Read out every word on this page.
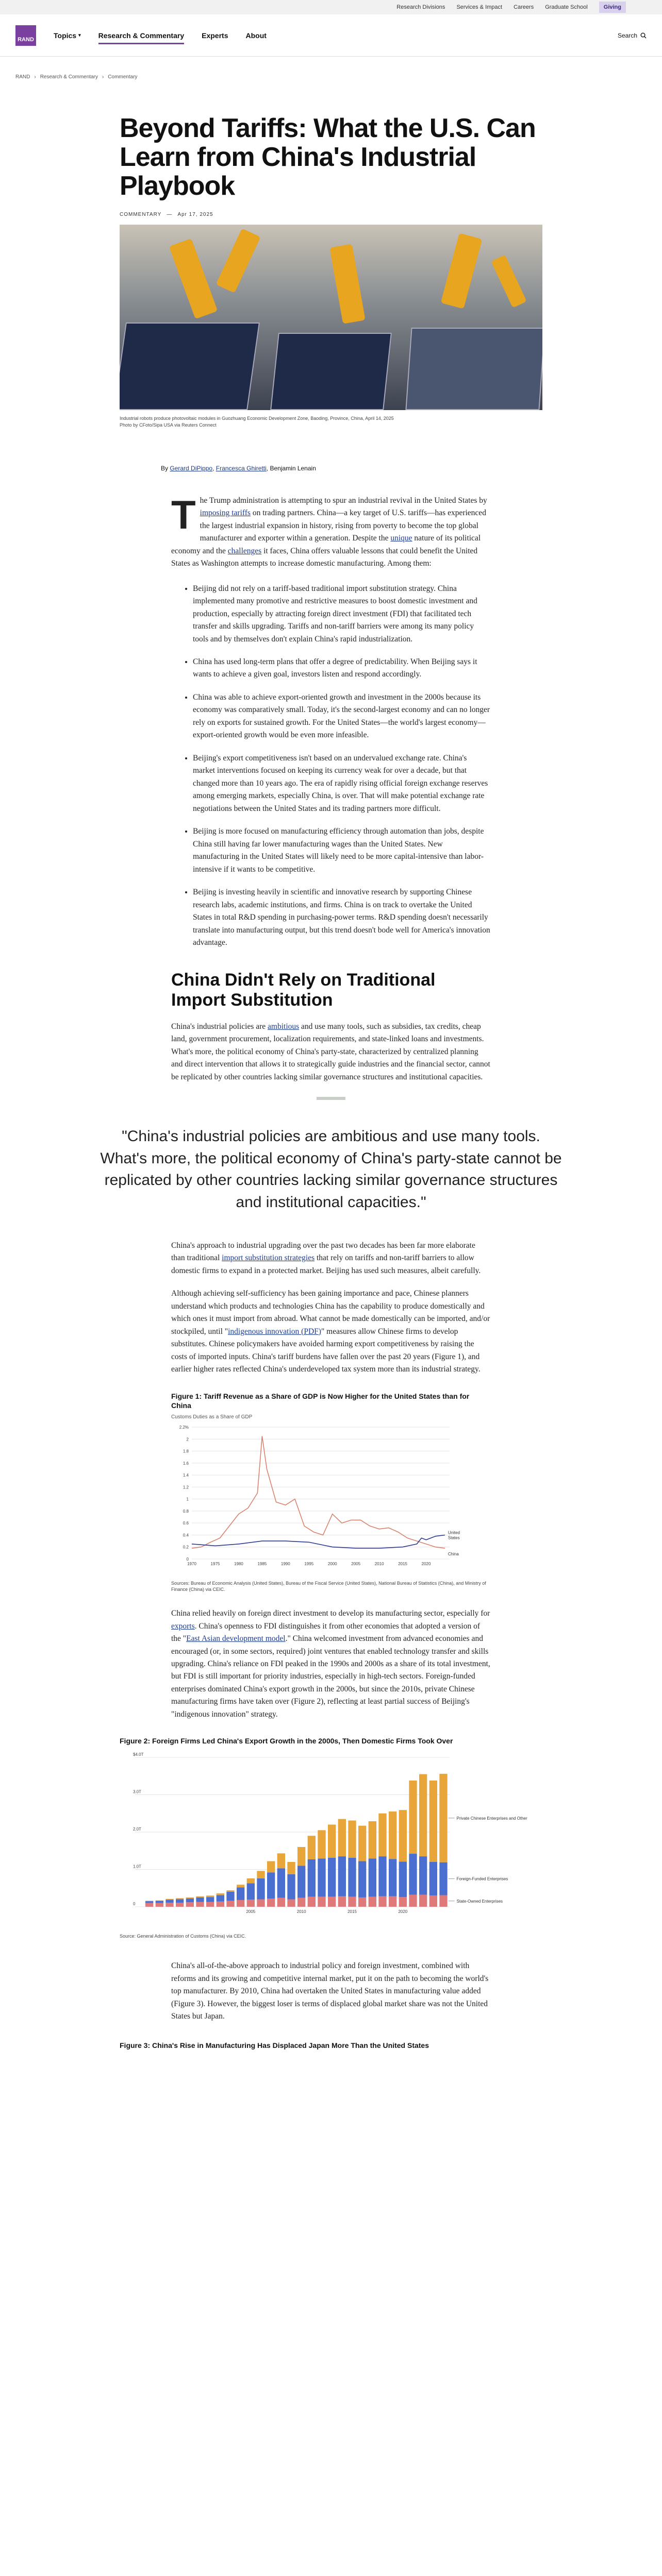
Research Divisions Services & Impact Careers Graduate School	Giving
RAND	Topics ▾ Research & Commentary Experts About	Search
RAND › Research & Commentary › Commentary
Beyond Tariffs: What the U.S. Can Learn from China's Industrial Playbook
COMMENTARY — Apr 17, 2025
Industrial robots produce photovoltaic modules in Guozhuang Economic Development Zone, Baoding, Province, China, April 14, 2025
Photo by CFoto/Sipa USA via Reuters Connect
By Gerard DiPippo, Francesca Ghiretti, Benjamin Lenain

The Trump administration is attempting to spur an industrial revival in the United States by imposing tariffs on trading partners. China—a key target of U.S. tariffs—has experienced the largest industrial expansion in history, rising from poverty to become the top global manufacturer and exporter within a generation. Despite the unique nature of its political economy and the challenges it faces, China offers valuable lessons that could benefit the United States as Washington attempts to increase domestic manufacturing. Among them:

• Beijing did not rely on a tariff-based traditional import substitution strategy. China implemented many promotive and restrictive measures to boost domestic investment and production, especially by attracting foreign direct investment (FDI) that facilitated tech transfer and skills upgrading. Tariffs and non-tariff barriers were among its many policy tools and by themselves don't explain China's rapid industrialization.
• China has used long-term plans that offer a degree of predictability. When Beijing says it wants to achieve a given goal, investors listen and respond accordingly.
• China was able to achieve export-oriented growth and investment in the 2000s because its economy was comparatively small. Today, it's the second-largest economy and can no longer rely on exports for sustained growth. For the United States—the world's largest economy—export-oriented growth would be even more infeasible.
• Beijing's export competitiveness isn't based on an undervalued exchange rate. China's market interventions focused on keeping its currency weak for over a decade, but that changed more than 10 years ago. The era of rapidly rising official foreign exchange reserves among emerging markets, especially China, is over. That will make potential exchange rate negotiations between the United States and its trading partners more difficult.
• Beijing is more focused on manufacturing efficiency through automation than jobs, despite China still having far lower manufacturing wages than the United States. New manufacturing in the United States will likely need to be more capital-intensive than labor-intensive if it wants to be competitive.
• Beijing is investing heavily in scientific and innovative research by supporting Chinese research labs, academic institutions, and firms. China is on track to overtake the United States in total R&D spending in purchasing-power terms. R&D spending doesn't necessarily translate into manufacturing output, but this trend doesn't bode well for America's innovation advantage.
China Didn't Rely on Traditional Import Substitution

China's industrial policies are ambitious and use many tools, such as subsidies, tax credits, cheap land, government procurement, localization requirements, and state-linked loans and investments. What's more, the political economy of China's party-state, characterized by centralized planning and direct intervention that allows it to strategically guide industries and the financial sector, cannot be replicated by other countries lacking similar governance structures and institutional capacities.

"China's industrial policies are ambitious and use many tools. What's more, the political economy of China's party-state cannot be replicated by other countries lacking similar governance structures and institutional capacities."

China's approach to industrial upgrading over the past two decades has been far more elaborate than traditional import substitution strategies that rely on tariffs and non-tariff barriers to allow domestic firms to expand in a protected market. Beijing has used such measures, albeit carefully.

Although achieving self-sufficiency has been gaining importance and pace, Chinese planners understand which products and technologies China has the capability to produce domestically and which ones it must import from abroad. What cannot be made domestically can be imported, and/or stockpiled, until "indigenous innovation (PDF)" measures allow Chinese firms to develop substitutes. Chinese policymakers have avoided harming export competitiveness by raising the costs of imported inputs. China's tariff burdens have fallen over the past 20 years (Figure 1), and earlier higher rates reflected China's underdeveloped tax system more than its industrial strategy.

Figure 1: Tariff Revenue as a Share of GDP is Now Higher for the United States than for China
Customs Duties as a Share of GDP
2.2%
2
1.8
1.6
1.4
1.2
1
0.8
0.6
0.4
0.2
0
1970	1975	1980	1985	1990	1995	2000	2005	2010	2015	2020
China
United
States
Sources: Bureau of Economic Analysis (United States), Bureau of the Fiscal Service (United States), National Bureau of Statistics (China), and Ministry of Finance (China) via CEIC.

China relied heavily on foreign direct investment to develop its manufacturing sector, especially for exports. China's openness to FDI distinguishes it from other economies that adopted a version of the "East Asian development model." China welcomed investment from advanced economies and encouraged (or, in some sectors, required) joint ventures that enabled technology transfer and skills upgrading. China's reliance on FDI peaked in the 1990s and 2000s as a share of its total investment, but FDI is still important for priority industries, especially in high-tech sectors. Foreign-funded enterprises dominated China's export growth in the 2000s, but since the 2010s, private Chinese manufacturing firms have taken over (Figure 2), reflecting at least partial success of Beijing's "indigenous innovation" strategy.

Figure 2: Foreign Firms Led China's Export Growth in the 2000s, Then Domestic Firms Took Over
$4.0T
3.0T
2.0T
1.0T
0
2005	2010	2015	2020
State-Owned Enterprises
Foreign-Funded Enterprises
Private Chinese Enterprises and Other
Source: General Administration of Customs (China) via CEIC.

China's all-of-the-above approach to industrial policy and foreign investment, combined with reforms and its growing and competitive internal market, put it on the path to becoming the world's top manufacturer. By 2010, China had overtaken the United States in manufacturing value added (Figure 3). However, the biggest loser is terms of displaced global market share was not the United States but Japan.

Figure 3: China's Rise in Manufacturing Has Displaced Japan More Than the United States
